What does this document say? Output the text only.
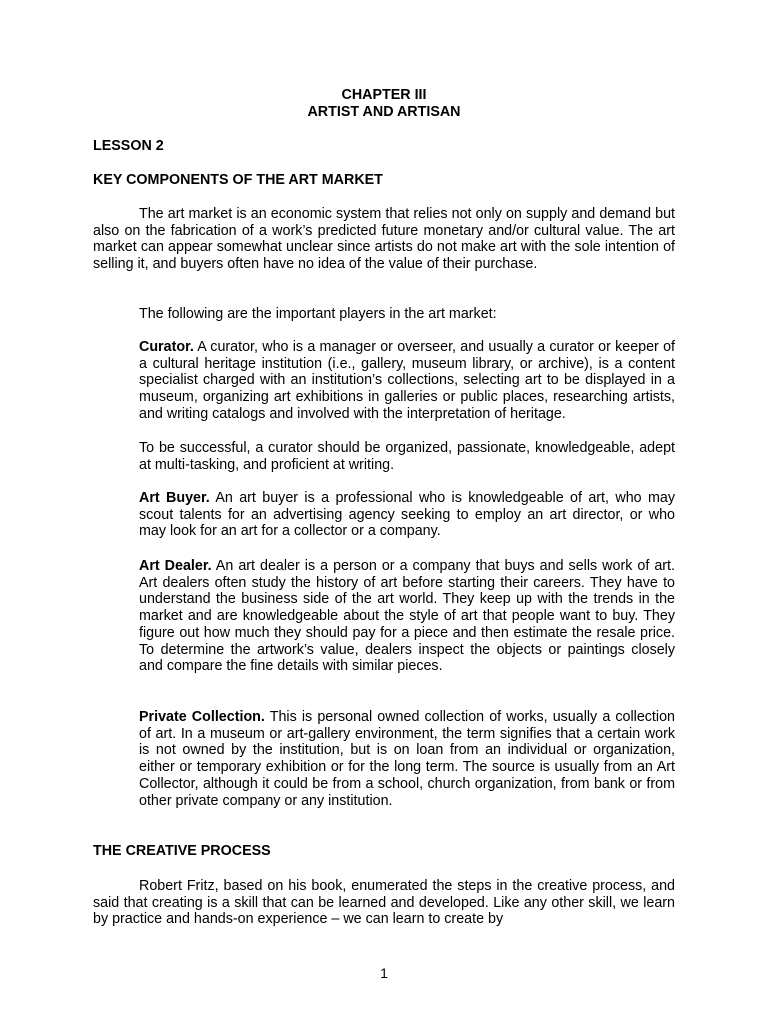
CHAPTER III
ARTIST AND ARTISAN
LESSON 2
KEY COMPONENTS OF THE ART MARKET
The art market is an economic system that relies not only on supply and demand but also on the fabrication of a work’s predicted future monetary and/or cultural value. The art market can appear somewhat unclear since artists do not make art with the sole intention of selling it, and buyers often have no idea of the value of their purchase.
The following are the important players in the art market:
Curator. A curator, who is a manager or overseer, and usually a curator or keeper of a cultural heritage institution (i.e., gallery, museum library, or archive), is a content specialist charged with an institution’s collections, selecting art to be displayed in a museum, organizing art exhibitions in galleries or public places, researching artists, and writing catalogs and involved with the interpretation of heritage.
To be successful, a curator should be organized, passionate, knowledgeable, adept at multi-tasking, and proficient at writing.
Art Buyer. An art buyer is a professional who is knowledgeable of art, who may scout talents for an advertising agency seeking to employ an art director, or who may look for an art for a collector or a company.
Art Dealer. An art dealer is a person or a company that buys and sells work of art. Art dealers often study the history of art before starting their careers. They have to understand the business side of the art world. They keep up with the trends in the market and are knowledgeable about the style of art that people want to buy. They figure out how much they should pay for a piece and then estimate the resale price. To determine the artwork’s value, dealers inspect the objects or paintings closely and compare the fine details with similar pieces.
Private Collection. This is personal owned collection of works, usually a collection of art. In a museum or art-gallery environment, the term signifies that a certain work is not owned by the institution, but is on loan from an individual or organization, either or temporary exhibition or for the long term. The source is usually from an Art Collector, although it could be from a school, church organization, from bank or from other private company or any institution.
THE CREATIVE PROCESS
Robert Fritz, based on his book, enumerated the steps in the creative process, and said that creating is a skill that can be learned and developed. Like any other skill, we learn by practice and hands-on experience – we can learn to create by
1
